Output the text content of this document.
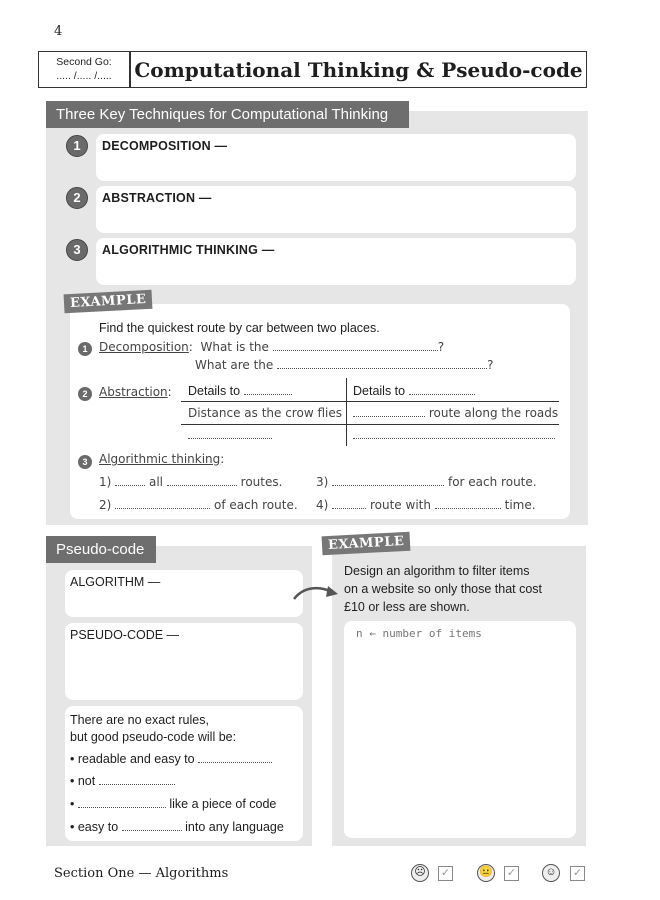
4
Second Go:
..... /..... /.....	Computational Thinking & Pseudo-code
Three Key Techniques for Computational Thinking
1	DECOMPOSITION —
2	ABSTRACTION —
3	ALGORITHMIC THINKING —
EXAMPLE
Find the quickest route by car between two places.
1 Decomposition:  What is the	?
What are the	?
2 Abstraction: Details to	Details to
Distance as the crow flies	route along the roads
3 Algorithmic thinking:
1)	all	routes.	3)	for each route.
2)	of each route. 4)	route with	time.
Pseudo-code
ALGORITHM —
PSEUDO-CODE —
There are no exact rules,
but good pseudo-code will be:
• readable and easy to
• not
•	like a piece of code
• easy to	into any language
EXAMPLE
Design an algorithm to filter items
on a website so only those that cost
£10 or less are shown.
n ← number of items
Section One — Algorithms	☹ ✓	😐 ✓	☺	✓
